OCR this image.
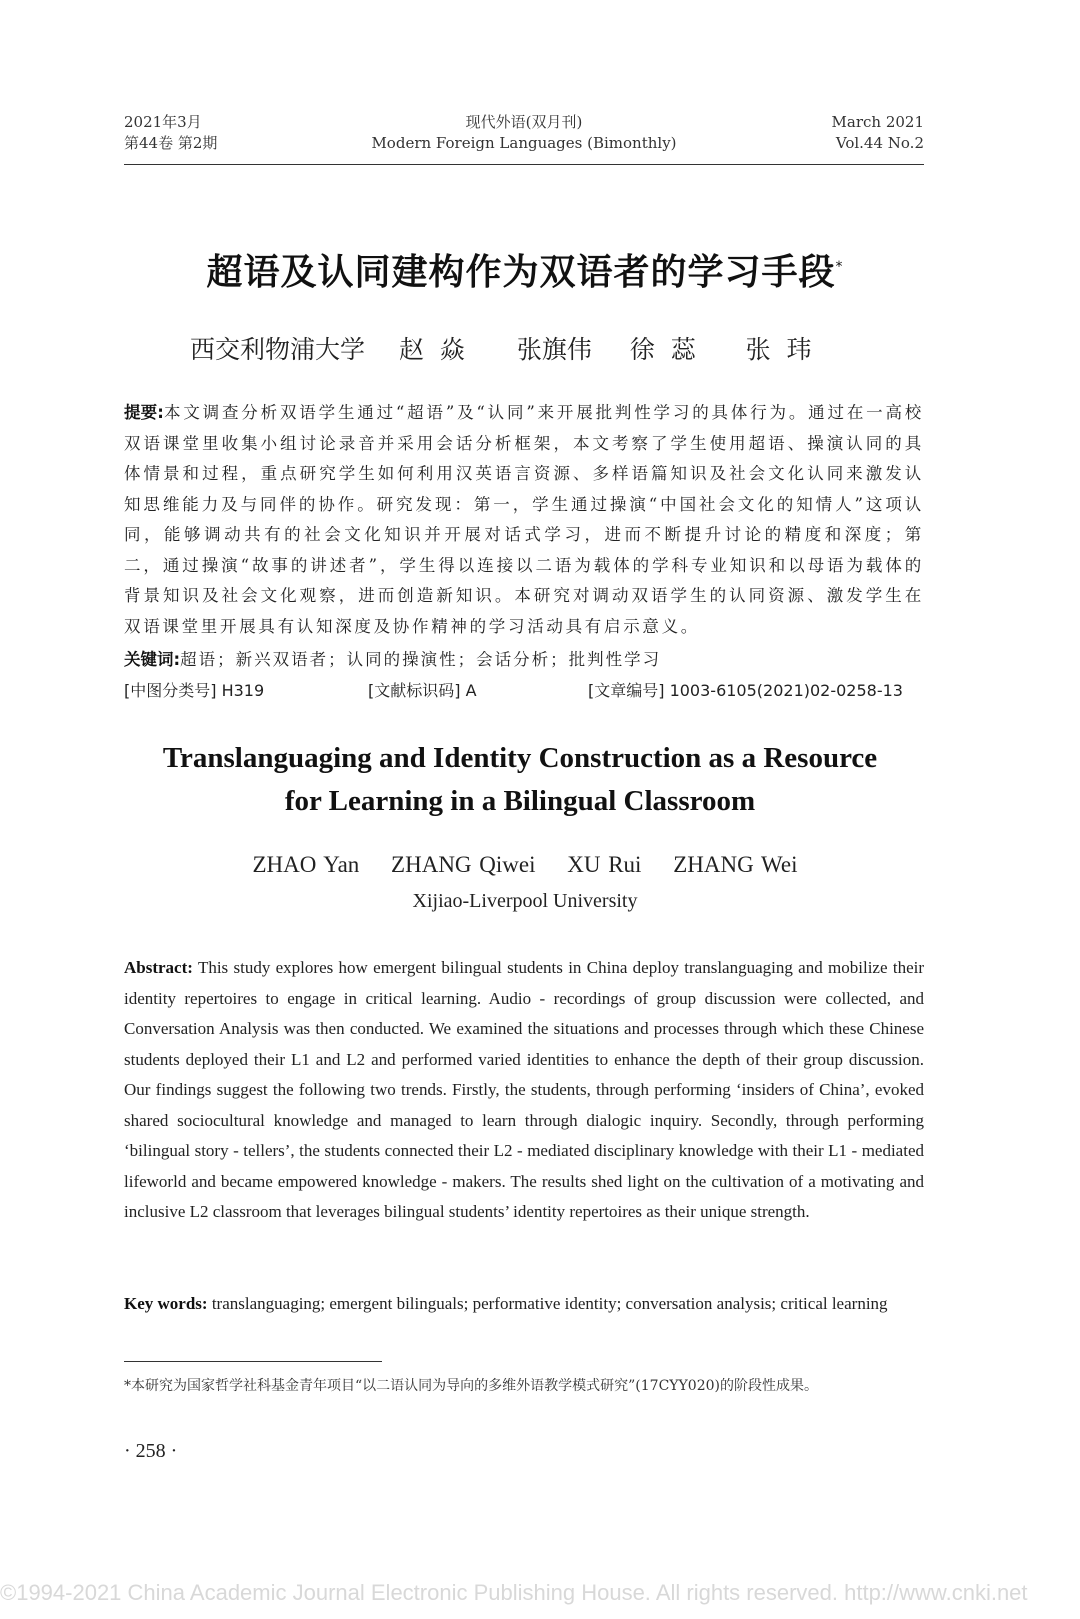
2021年3月
第44卷 第2期
现代外语(双月刊)
Modern Foreign Languages (Bimonthly)
March 2021
Vol.44 No.2
超语及认同建构作为双语者的学习手段*
西交利物浦大学 赵  焱 张旗伟 徐  蕊 张  玮
提要:本文调查分析双语学生通过“超语”及“认同”来开展批判性学习的具体行为。通过在一高校双语课堂里收集小组讨论录音并采用会话分析框架，本文考察了学生使用超语、操演认同的具体情景和过程，重点研究学生如何利用汉英语言资源、多样语篇知识及社会文化认同来激发认知思维能力及与同伴的协作。研究发现：第一，学生通过操演“中国社会文化的知情人”这项认同，能够调动共有的社会文化知识并开展对话式学习，进而不断提升讨论的精度和深度；第二，通过操演“故事的讲述者”，学生得以连接以二语为载体的学科专业知识和以母语为载体的背景知识及社会文化观察，进而创造新知识。本研究对调动双语学生的认同资源、激发学生在双语课堂里开展具有认知深度及协作精神的学习活动具有启示意义。
关键词:超语；新兴双语者；认同的操演性；会话分析；批判性学习
[中图分类号] H319	[文献标识码] A	[文章编号] 1003-6105(2021)02-0258-13
Translanguaging and Identity Construction as a Resource
for Learning in a Bilingual Classroom
ZHAO Yan ZHANG Qiwei XU Rui ZHANG Wei
Xijiao-Liverpool University
Abstract: This study explores how emergent bilingual students in China deploy translanguaging and mobilize their identity repertoires to engage in critical learning. Audio - recordings of group discussion were collected, and Conversation Analysis was then conducted. We examined the situations and processes through which these Chinese students deployed their L1 and L2 and performed varied identities to enhance the depth of their group discussion. Our findings suggest the following two trends. Firstly, the students, through performing ‘insiders of China’, evoked shared sociocultural knowledge and managed to learn through dialogic inquiry. Secondly, through performing ‘bilingual story - tellers’, the students connected their L2 - mediated disciplinary knowledge with their L1 - mediated lifeworld and became empowered knowledge - makers. The results shed light on the cultivation of a motivating and inclusive L2 classroom that leverages bilingual students’ identity repertoires as their unique strength.
Key words: translanguaging; emergent bilinguals; performative identity; conversation analysis; critical learning
*本研究为国家哲学社科基金青年项目“以二语认同为导向的多维外语教学模式研究”(17CYY020)的阶段性成果。
· 258 ·
©1994-2021 China Academic Journal Electronic Publishing House. All rights reserved. http://www.cnki.net
